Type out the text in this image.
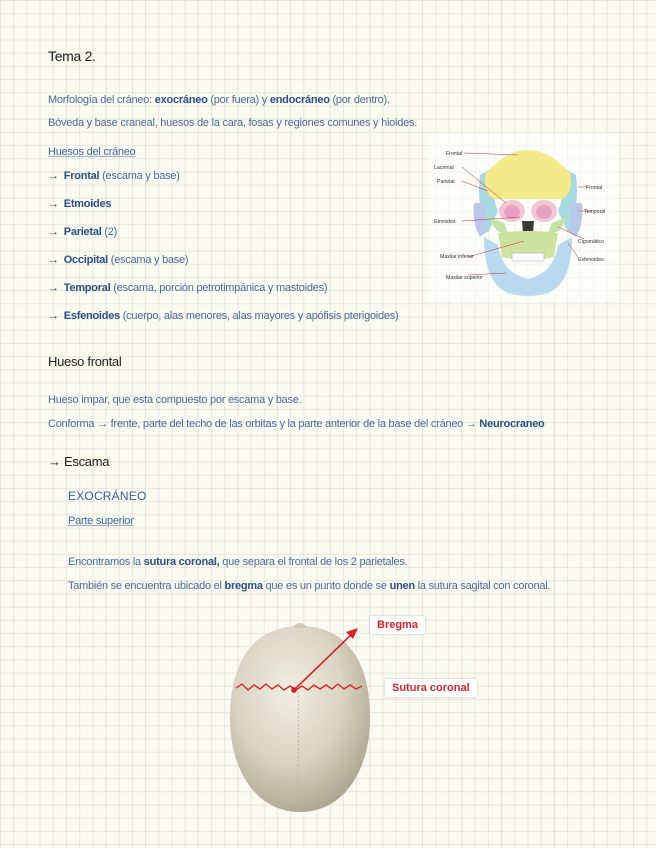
Tema 2.
Morfología del cráneo: exocráneo (por fuera) y endocráneo (por dentro).
Bóveda y base craneal, huesos de la cara, fosas y regiones comunes y hioides.
Huesos del cráneo
→ Frontal (escama y base)
→ Etmoides
→ Parietal (2)
→ Occipital (escama y base)
→ Temporal (escama, porción petrotimpánica y mastoides)
→ Esfenoides (cuerpo, alas menores, alas mayores y apófisis pterigoides)
Frontal
Lacrimal
Parietal
Etmoides
Maxilar inferior
Maxilar superior
Frontal
Temporal
Cigomático
Esfenoides
Hueso frontal
Hueso impar, que esta compuesto por escama y base.
Conforma → frente, parte del techo de las orbitas y la parte anterior de la base del cráneo → Neurocraneo
→ Escama
EXOCRÁNEO
Parte superior
Encontramos la sutura coronal, que separa el frontal de los 2 parietales.
También se encuentra ubicado el bregma que es un punto donde se unen la sutura sagital con coronal.
Bregma
Sutura coronal
